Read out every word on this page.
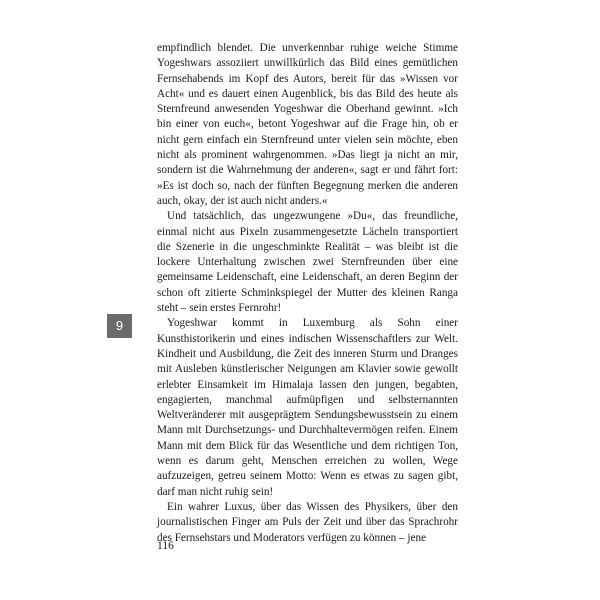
empfindlich blendet. Die unverkennbar ruhige weiche Stimme Yogeshwars assoziiert unwillkürlich das Bild eines gemütlichen Fernsehabends im Kopf des Autors, bereit für das »Wissen vor Acht« und es dauert einen Augenblick, bis das Bild des heute als Sternfreund anwesenden Yogeshwar die Oberhand gewinnt. »Ich bin einer von euch«, betont Yogeshwar auf die Frage hin, ob er nicht gern einfach ein Sternfreund unter vielen sein möchte, eben nicht als prominent wahrgenommen. »Das liegt ja nicht an mir, sondern ist die Wahrnehmung der anderen«, sagt er und fährt fort: »Es ist doch so, nach der fünften Begegnung merken die anderen auch, okay, der ist auch nicht anders.«

Und tatsächlich, das ungezwungene »Du«, das freundliche, einmal nicht aus Pixeln zusammengesetzte Lächeln transportiert die Szenerie in die ungeschminkte Realität – was bleibt ist die lockere Unterhaltung zwischen zwei Sternfreunden über eine gemeinsame Leidenschaft, eine Leidenschaft, an deren Beginn der schon oft zitierte Schminkspiegel der Mutter des kleinen Ranga steht – sein erstes Fernrohr!

Yogeshwar kommt in Luxemburg als Sohn einer Kunsthistorikerin und eines indischen Wissenschaftlers zur Welt. Kindheit und Ausbildung, die Zeit des inneren Sturm und Dranges mit Ausleben künstlerischer Neigungen am Klavier sowie gewollt erlebter Einsamkeit im Himalaja lassen den jungen, begabten, engagierten, manchmal aufmüpfigen und selbsternannten Weltveränderer mit ausgeprägtem Sendungsbewusstsein zu einem Mann mit Durchsetzungs- und Durchhaltevermögen reifen. Einem Mann mit dem Blick für das Wesentliche und dem richtigen Ton, wenn es darum geht, Menschen erreichen zu wollen, Wege aufzuzeigen, getreu seinem Motto: Wenn es etwas zu sagen gibt, darf man nicht ruhig sein!

Ein wahrer Luxus, über das Wissen des Physikers, über den journalistischen Finger am Puls der Zeit und über das Sprachrohr des Fernsehstars und Moderators verfügen zu können – jene

9
116
